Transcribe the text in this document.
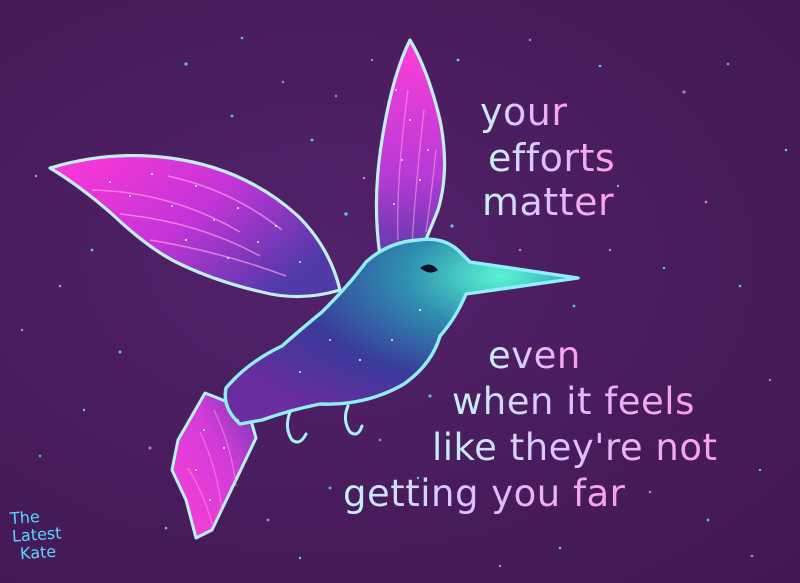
your

efforts

matter

even

when it feels

like they're not

getting you far

The

Latest

Kate
